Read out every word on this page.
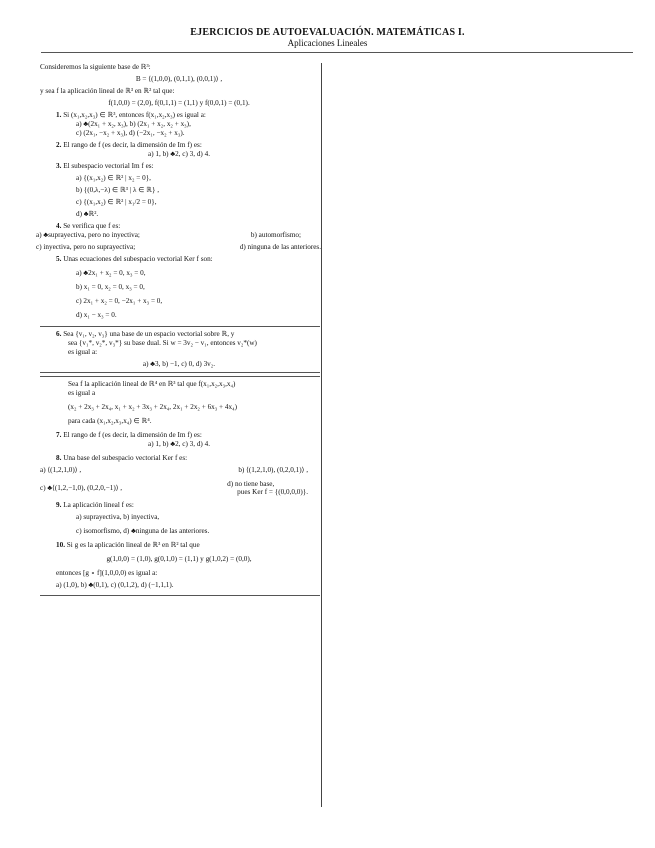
EJERCICIOS DE AUTOEVALUACIÓN. MATEMÁTICAS I.
Aplicaciones Lineales

Consideremos la siguiente base de ℝ³:

B = ⟨(1,0,0), (0,1,1), (0,0,1)⟩ ,

y sea f la aplicación lineal de ℝ³ en ℝ² tal que:

f(1,0,0) = (2,0), f(0,1,1) = (1,1) y f(0,0,1) = (0,1).

1. Si (x₁,x₂,x₃) ∈ ℝ³, entonces f(x₁,x₂,x₃) es igual a:

a) ♣(2x₁ + x₂, x₃), b) (2x₁ + x₂, x₂ + x₃),

c) (2x₁, −x₂ + x₃), d) (−2x₁, −x₂ + x₃).

2. El rango de f (es decir, la dimensión de Im f) es:

a) 1, b) ♣2, c) 3, d) 4.

3. El subespacio vectorial Im f es:

a) {(x₁,x₂) ∈ ℝ² | x₂ = 0},

b) {(0,λ,−λ) ∈ ℝ³ | λ ∈ ℝ} ,

c) {(x₁,x₂) ∈ ℝ² | x₁/2 = 0},

d) ♣ℝ².

4. Se verifica que f es:

a) ♣suprayectiva, pero no inyectiva;	b) automorfismo;
c) inyectiva, pero no suprayectiva;	d) ninguna de las anteriores.

5. Unas ecuaciones del subespacio vectorial Ker f son:

a) ♣2x₁ + x₂ = 0, x₃ = 0,

b) x₁ = 0, x₂ = 0, x₃ = 0,

c) 2x₁ + x₂ = 0, −2x₁ + x₃ = 0,

d) x₁ − x₃ = 0.

6. Sea {v₁, v₂, v₃} una base de un espacio vectorial sobre ℝ, y

sea {v₁*, v₂*, v₃*} su base dual. Si w = 3v₂ − v₁, entonces v₂*(w)

es igual a:

a) ♣3, b) −1, c) 0, d) 3v₂.

Sea f la aplicación lineal de ℝ⁴ en ℝ³ tal que f(x₁,x₂,x₃,x₄)

es igual a

(x₂ + 2x₃ + 2x₄, x₁ + x₂ + 3x₃ + 2x₄, 2x₁ + 2x₂ + 6x₃ + 4x₄)

para cada (x₁,x₂,x₃,x₄) ∈ ℝ⁴.

7. El rango de f (es decir, la dimensión de Im f) es:

a) 1, b) ♣2, c) 3, d) 4.

8. Una base del subespacio vectorial Ker f es:

a) ⟨(1,2,1,0)⟩ ,	b) ⟨(1,2,1,0), (0,2,0,1)⟩ ,
c) ♣⟨(1,2,−1,0), (0,2,0,−1)⟩ ,	d) no tiene base,
pues Ker f = {(0,0,0,0)}.

9. La aplicación lineal f es:

a) suprayectiva, b) inyectiva,

c) isomorfismo, d) ♣ninguna de las anteriores.

10. Si g es la aplicación lineal de ℝ³ en ℝ² tal que

g(1,0,0) = (1,0), g(0,1,0) = (1,1) y g(1,0,2) = (0,0),

entonces [g ∘ f](1,0,0,0) es igual a:

a) (1,0), b) ♣(0,1), c) (0,1,2), d) (−1,1,1).
